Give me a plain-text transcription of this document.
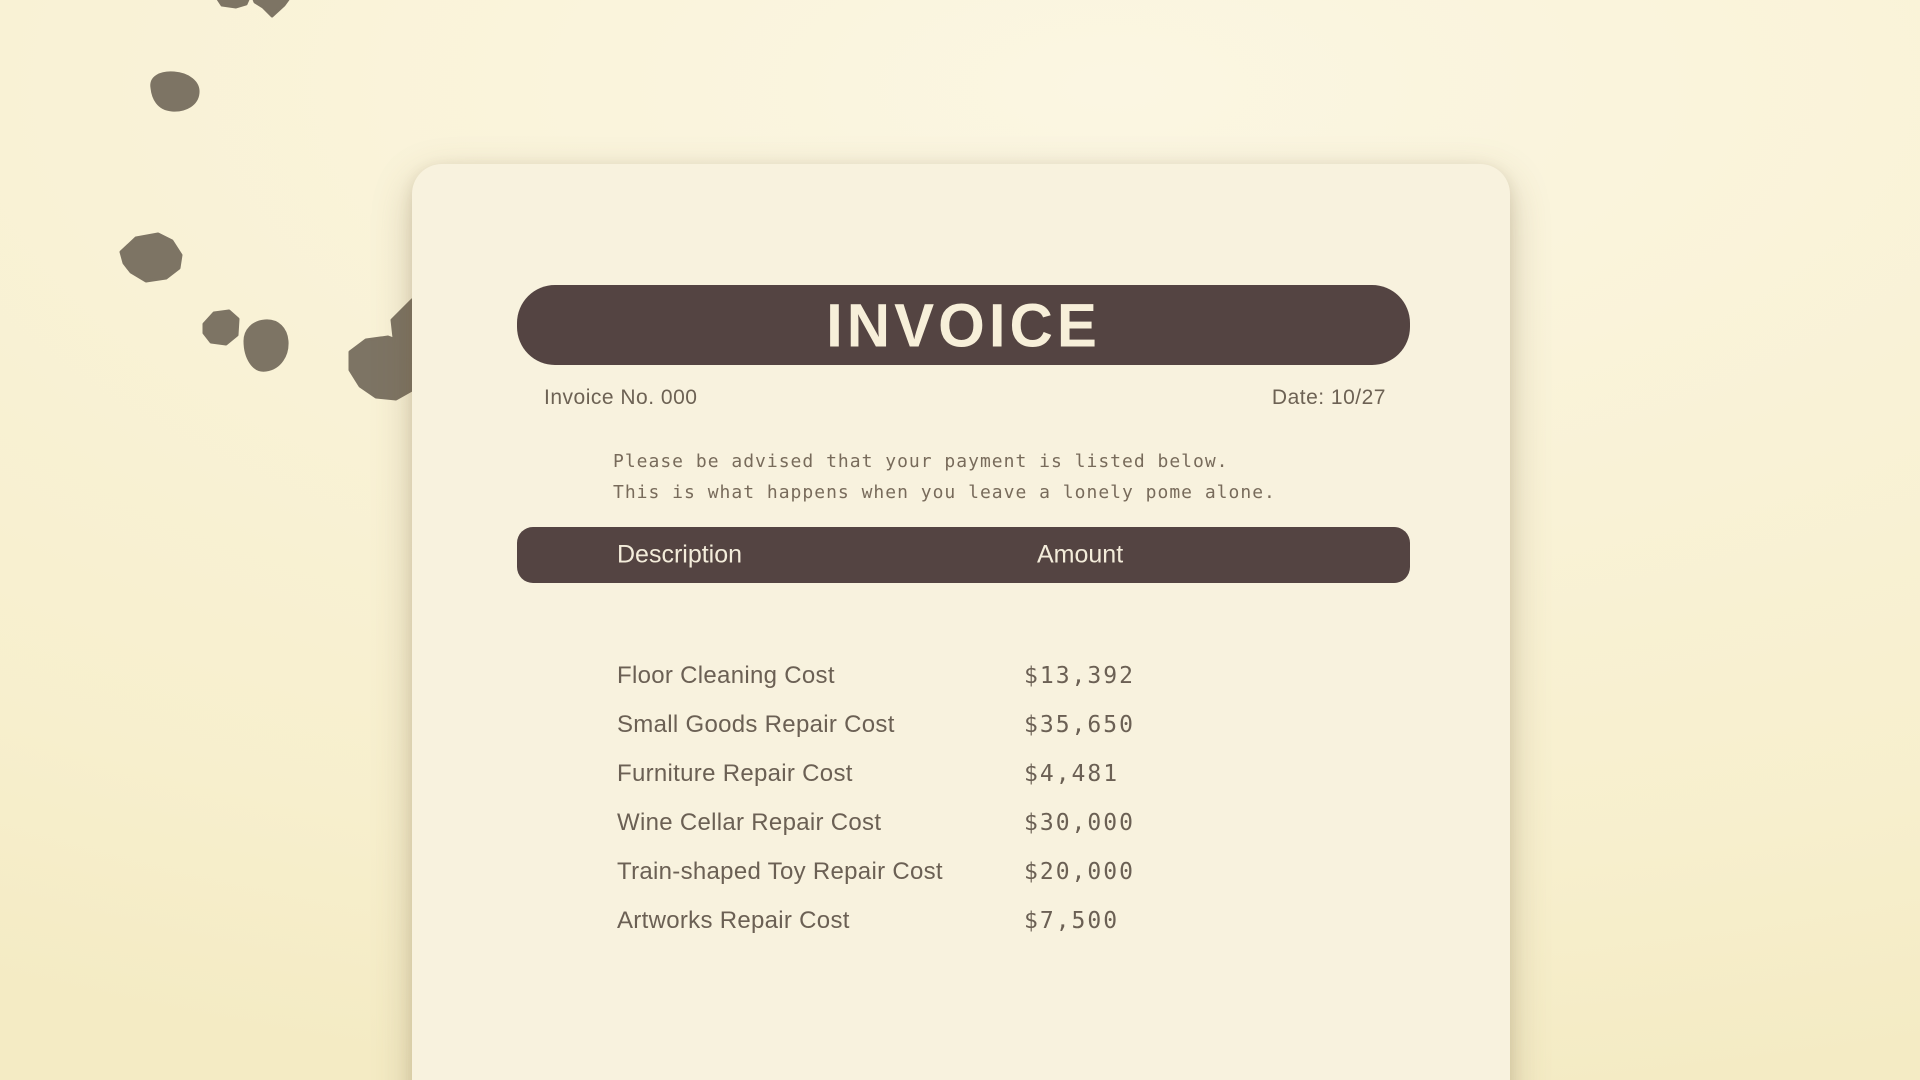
INVOICE
Invoice No. 000	Date: 10/27
Please be advised that your payment is listed below.
This is what happens when you leave a lonely pome alone.
Description	Amount
Floor Cleaning Cost	$13,392
Small Goods Repair Cost	$35,650
Furniture Repair Cost	$4,481
Wine Cellar Repair Cost	$30,000
Train-shaped Toy Repair Cost	$20,000
Artworks Repair Cost	$7,500
